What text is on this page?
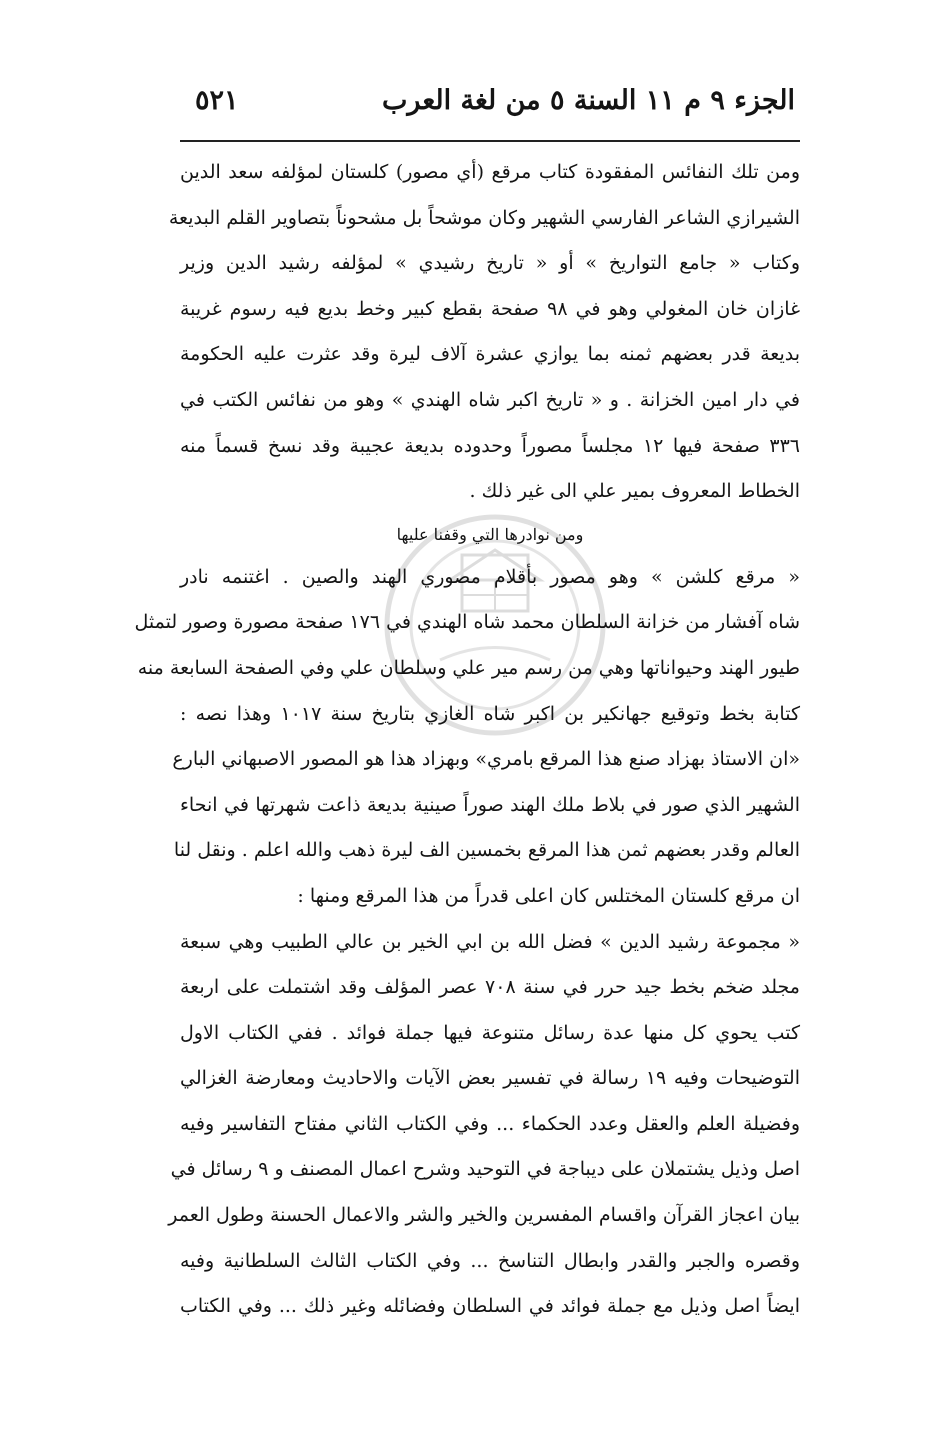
الجزء ٩ م ١١ السنة ٥ من لغة العرب
٥٢١
ومن تلك النفائس المفقودة كتاب مرقع (أي مصور) كلستان لمؤلفه سعد الدين
الشيرازي الشاعر الفارسي الشهير وكان موشحاً بل مشحوناً بتصاوير القلم البديعة
وكتاب « جامع التواريخ » أو « تاريخ رشيدي » لمؤلفه رشيد الدين وزير
غازان خان المغولي وهو في ٩٨ صفحة بقطع كبير وخط بديع فيه رسوم غريبة
بديعة قدر بعضهم ثمنه بما يوازي عشرة آلاف ليرة وقد عثرت عليه الحكومة
في دار امين الخزانة . و « تاريخ اكبر شاه الهندي » وهو من نفائس الكتب في
٣٣٦ صفحة فيها ١٢ مجلساً مصوراً وحدوده بديعة عجيبة وقد نسخ قسماً منه
الخطاط المعروف بمير علي الى غير ذلك .
ومن نوادرها التي وقفنا عليها
« مرقع كلشن » وهو مصور بأقلام مصوري الهند والصين . اغتنمه نادر
شاه آفشار من خزانة السلطان محمد شاه الهندي في ١٧٦ صفحة مصورة وصور لتمثل
طيور الهند وحيواناتها وهي من رسم مير علي وسلطان علي وفي الصفحة السابعة منه
كتابة بخط وتوقيع جهانكير بن اكبر شاه الغازي بتاريخ سنة ١٠١٧ وهذا نصه :
«ان الاستاذ بهزاد صنع هذا المرقع بامري» وبهزاد هذا هو المصور الاصبهاني البارع
الشهير الذي صور في بلاط ملك الهند صوراً صينية بديعة ذاعت شهرتها في انحاء
العالم وقدر بعضهم ثمن هذا المرقع بخمسين الف ليرة ذهب والله اعلم . ونقل لنا
ان مرقع كلستان المختلس كان اعلى قدراً من هذا المرقع ومنها :
« مجموعة رشيد الدين » فضل الله بن ابي الخير بن عالي الطبيب وهي سبعة
مجلد ضخم بخط جيد حرر في سنة ٧٠٨ عصر المؤلف وقد اشتملت على اربعة
كتب يحوي كل منها عدة رسائل متنوعة فيها جملة فوائد . ففي الكتاب الاول
التوضيحات وفيه ١٩ رسالة في تفسير بعض الآيات والاحاديث ومعارضة الغزالي
وفضيلة العلم والعقل وعدد الحكماء ... وفي الكتاب الثاني مفتاح التفاسير وفيه
اصل وذيل يشتملان على ديباجة في التوحيد وشرح اعمال المصنف و ٩ رسائل في
بيان اعجاز القرآن واقسام المفسرين والخير والشر والاعمال الحسنة وطول العمر
وقصره والجبر والقدر وابطال التناسخ ... وفي الكتاب الثالث السلطانية وفيه
ايضاً اصل وذيل مع جملة فوائد في السلطان وفضائله وغير ذلك ... وفي الكتاب
